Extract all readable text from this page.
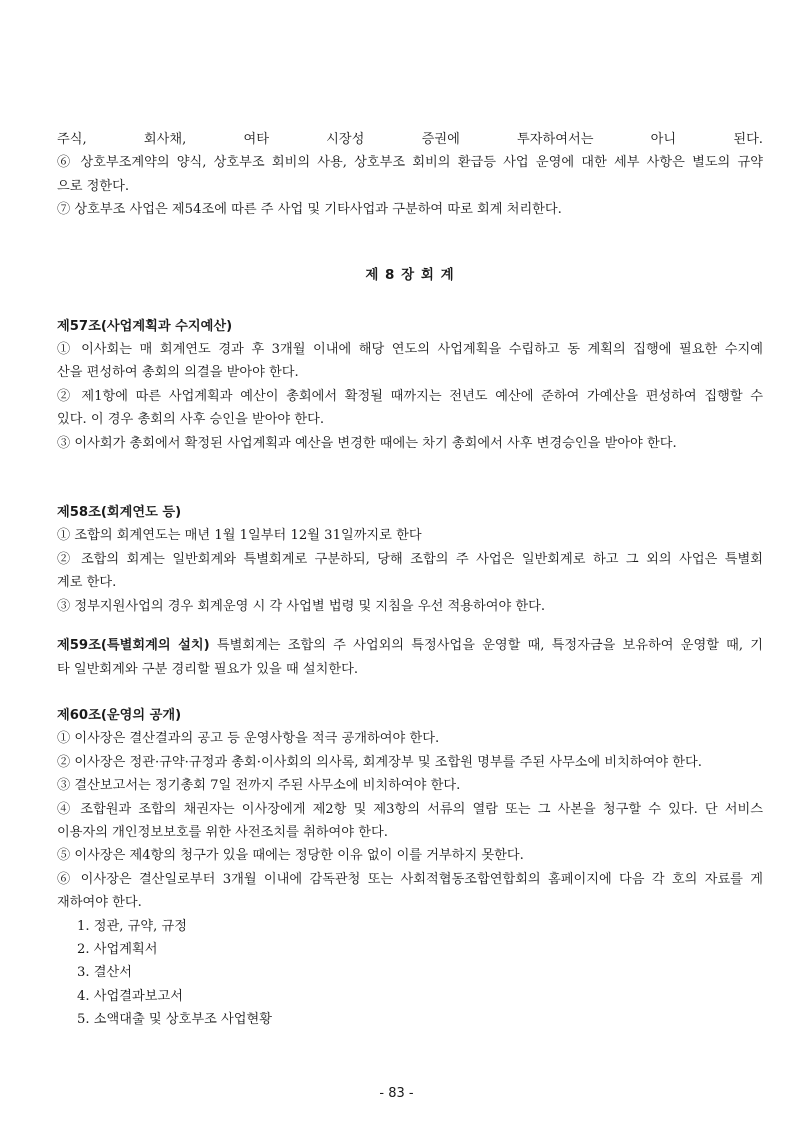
주식, 회사채, 여타 시장성 증권에 투자하여서는 아니 된다.
⑥ 상호부조계약의 양식, 상호부조 회비의 사용, 상호부조 회비의 환급등 사업 운영에 대한 세부 사항은 별도의 규약
으로 정한다.
⑦ 상호부조 사업은 제54조에 따른 주 사업 및 기타사업과 구분하여 따로 회계 처리한다.
제 8 장 회 계
제57조(사업계획과 수지예산)
① 이사회는 매 회계연도 경과 후 3개월 이내에 해당 연도의 사업계획을 수립하고 동 계획의 집행에 필요한 수지예
산을 편성하여 총회의 의결을 받아야 한다.
② 제1항에 따른 사업계획과 예산이 총회에서 확정될 때까지는 전년도 예산에 준하여 가예산을 편성하여 집행할 수
있다. 이 경우 총회의 사후 승인을 받아야 한다.
③ 이사회가 총회에서 확정된 사업계획과 예산을 변경한 때에는 차기 총회에서 사후 변경승인을 받아야 한다.
제58조(회계연도 등)
① 조합의 회계연도는 매년 1월 1일부터 12월 31일까지로 한다
② 조합의 회계는 일반회계와 특별회계로 구분하되, 당해 조합의 주 사업은 일반회계로 하고 그 외의 사업은 특별회
계로 한다.
③ 정부지원사업의 경우 회계운영 시 각 사업별 법령 및 지침을 우선 적용하여야 한다.
제59조(특별회계의 설치) 특별회계는 조합의 주 사업외의 특정사업을 운영할 때, 특정자금을 보유하여 운영할 때, 기
타 일반회계와 구분 경리할 필요가 있을 때 설치한다.
제60조(운영의 공개)
① 이사장은 결산결과의 공고 등 운영사항을 적극 공개하여야 한다.
② 이사장은 정관·규약·규정과 총회·이사회의 의사록, 회계장부 및 조합원 명부를 주된 사무소에 비치하여야 한다.
③ 결산보고서는 정기총회 7일 전까지 주된 사무소에 비치하여야 한다.
④ 조합원과 조합의 채권자는 이사장에게 제2항 및 제3항의 서류의 열람 또는 그 사본을 청구할 수 있다. 단 서비스
이용자의 개인정보보호를 위한 사전조치를 취하여야 한다.
⑤ 이사장은 제4항의 청구가 있을 때에는 정당한 이유 없이 이를 거부하지 못한다.
⑥ 이사장은 결산일로부터 3개월 이내에 감독관청 또는 사회적협동조합연합회의 홈페이지에 다음 각 호의 자료를 게
재하여야 한다.
1. 정관, 규약, 규정
2. 사업계획서
3. 결산서
4. 사업결과보고서
5. 소액대출 및 상호부조 사업현황
- 83 -
